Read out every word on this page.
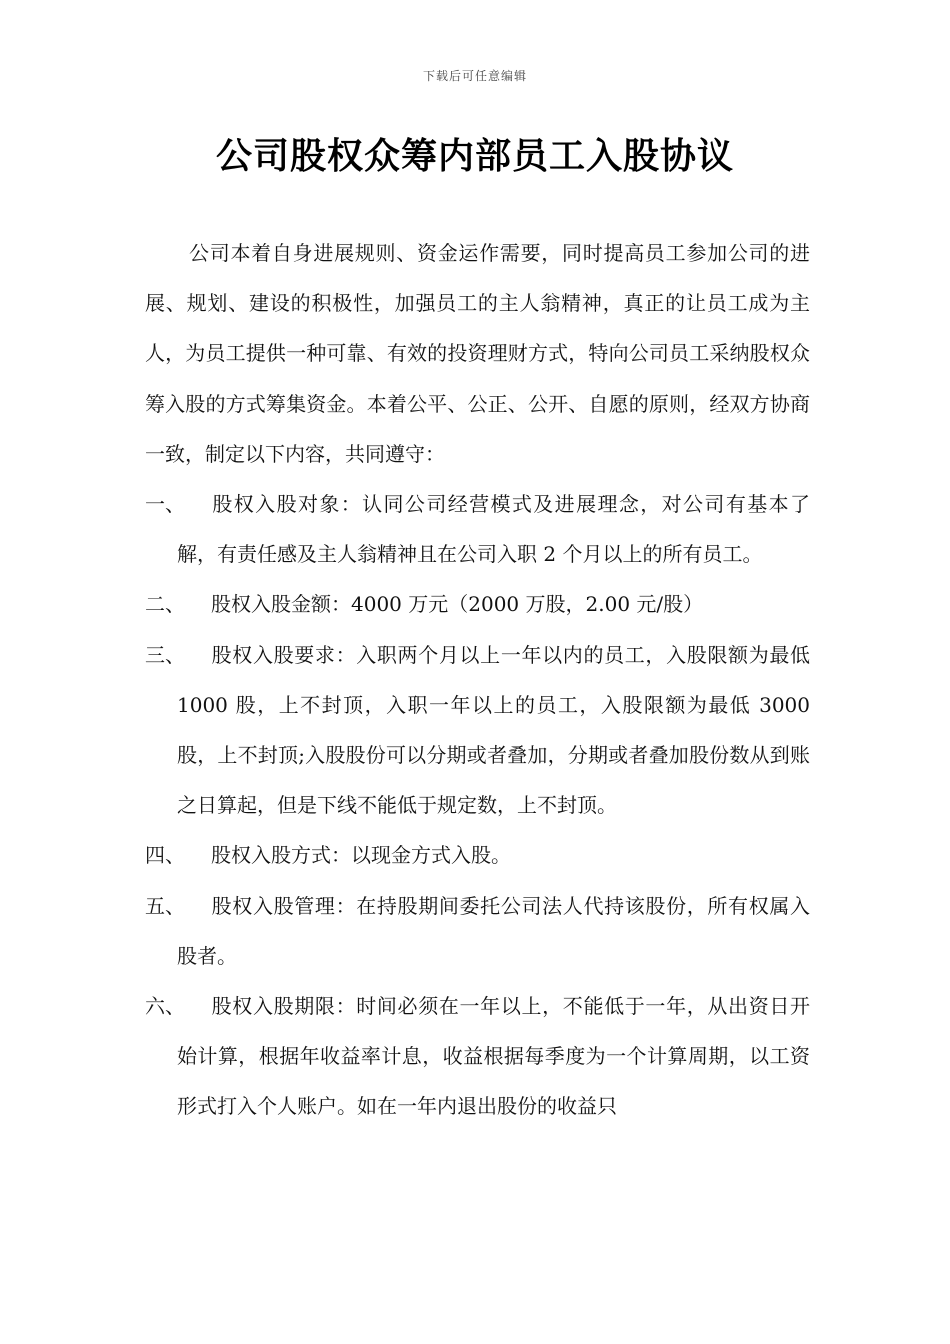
下载后可任意编辑
公司股权众筹内部员工入股协议

公司本着自身进展规则、资金运作需要，同时提高员工参加公司的进展、规划、建设的积极性，加强员工的主人翁精神，真正的让员工成为主人，为员工提供一种可靠、有效的投资理财方式，特向公司员工采纳股权众筹入股的方式筹集资金。本着公平、公正、公开、自愿的原则，经双方协商一致，制定以下内容，共同遵守：

一、 股权入股对象：认同公司经营模式及进展理念，对公司有基本了解，有责任感及主人翁精神且在公司入职 2 个月以上的所有员工。

二、 股权入股金额：4000 万元（2000 万股，2.00 元/股）

三、 股权入股要求：入职两个月以上一年以内的员工，入股限额为最低 1000 股，上不封顶，入职一年以上的员工，入股限额为最低 3000 股，上不封顶;入股股份可以分期或者叠加，分期或者叠加股份数从到账之日算起，但是下线不能低于规定数，上不封顶。

四、 股权入股方式：以现金方式入股。

五、 股权入股管理：在持股期间委托公司法人代持该股份，所有权属入股者。

六、 股权入股期限：时间必须在一年以上，不能低于一年，从出资日开始计算，根据年收益率计息，收益根据每季度为一个计算周期，以工资形式打入个人账户。如在一年内退出股份的收益只
